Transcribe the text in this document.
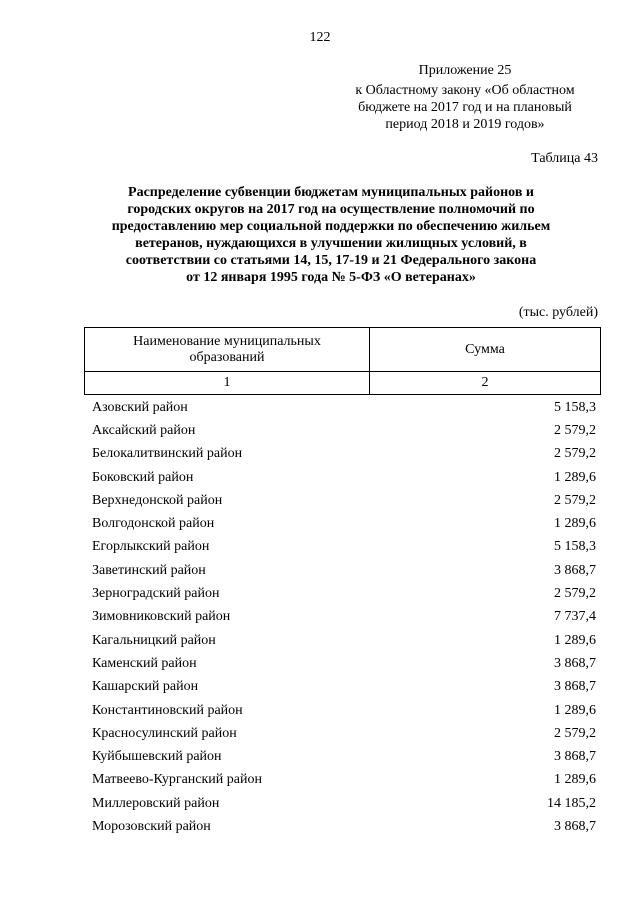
122
Приложение 25
к Областному закону «Об областном
бюджете на 2017 год и на плановый
период 2018 и 2019 годов»
Таблица 43
Распределение субвенции бюджетам муниципальных районов и
городских округов на 2017 год на осуществление полномочий по
предоставлению мер социальной поддержки по обеспечению жильем
ветеранов, нуждающихся в улучшении жилищных условий, в
соответствии со статьями 14, 15, 17-19 и 21 Федерального закона
от 12 января 1995 года № 5-ФЗ «О ветеранах»
(тыс. рублей)
Наименование муниципальных
образований	Сумма
1	2
Азовский район	5 158,3
Аксайский район	2 579,2
Белокалитвинский район	2 579,2
Боковский район	1 289,6
Верхнедонской район	2 579,2
Волгодонской район	1 289,6
Егорлыкский район	5 158,3
Заветинский район	3 868,7
Зерноградский район	2 579,2
Зимовниковский район	7 737,4
Кагальницкий район	1 289,6
Каменский район	3 868,7
Кашарский район	3 868,7
Константиновский район	1 289,6
Красносулинский район	2 579,2
Куйбышевский район	3 868,7
Матвеево-Курганский район	1 289,6
Миллеровский район	14 185,2
Морозовский район	3 868,7
